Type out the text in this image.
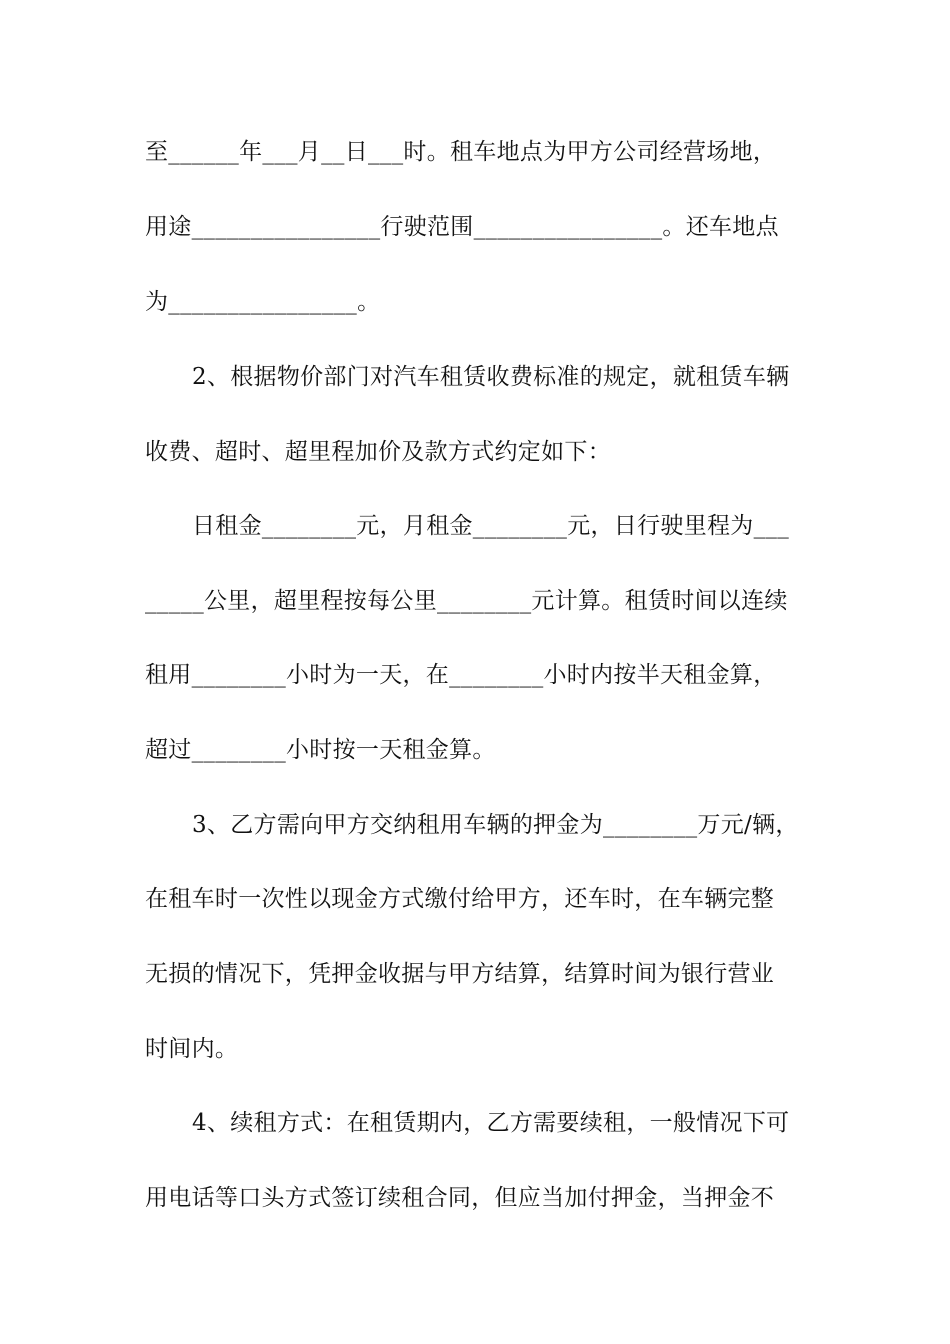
至______年___月__日___时。租车地点为甲方公司经营场地，
用途________________行驶范围________________。还车地点
为________________。
2、根据物价部门对汽车租赁收费标准的规定，就租赁车辆
收费、超时、超里程加价及款方式约定如下：
日租金________元，月租金________元，日行驶里程为___
_____公里，超里程按每公里________元计算。租赁时间以连续
租用________小时为一天，在________小时内按半天租金算，
超过________小时按一天租金算。
3、乙方需向甲方交纳租用车辆的押金为________万元/辆，
在租车时一次性以现金方式缴付给甲方，还车时，在车辆完整
无损的情况下，凭押金收据与甲方结算，结算时间为银行营业
时间内。
4、续租方式：在租赁期内，乙方需要续租，一般情况下可
用电话等口头方式签订续租合同，但应当加付押金，当押金不
